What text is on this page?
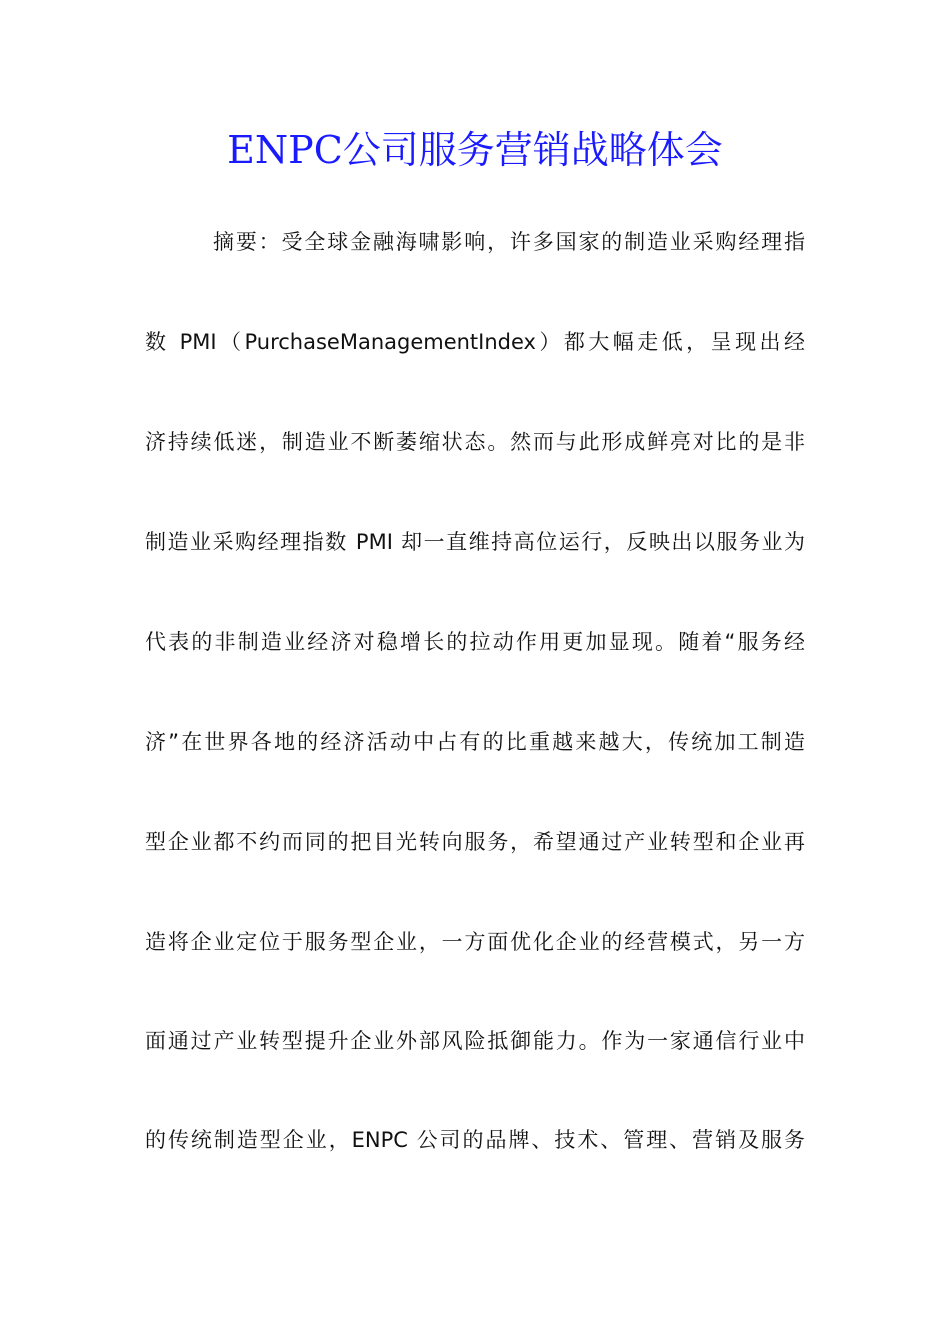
ENPC公司服务营销战略体会
摘要：受全球金融海啸影响，许多国家的制造业采购经理指
数 PMI（PurchaseManagementIndex）都大幅走低，呈现出经
济持续低迷，制造业不断萎缩状态。然而与此形成鲜亮对比的是非
制造业采购经理指数 PMI 却一直维持高位运行，反映出以服务业为
代表的非制造业经济对稳增长的拉动作用更加显现。随着“服务经
济”在世界各地的经济活动中占有的比重越来越大，传统加工制造
型企业都不约而同的把目光转向服务，希望通过产业转型和企业再
造将企业定位于服务型企业，一方面优化企业的经营模式，另一方
面通过产业转型提升企业外部风险抵御能力。作为一家通信行业中
的传统制造型企业，ENPC 公司的品牌、技术、管理、营销及服务
